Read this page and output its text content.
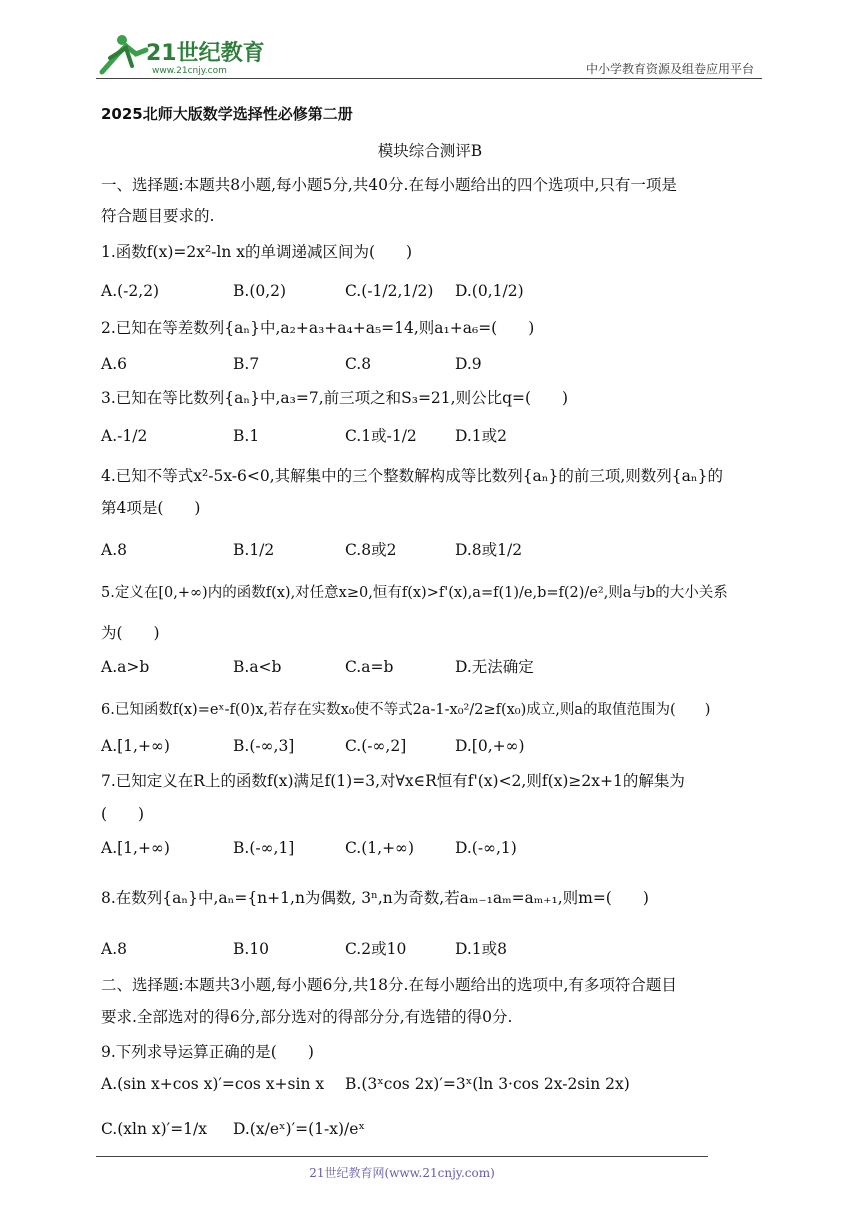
21世纪教育
www.21cnjy.com	中小学教育资源及组卷应用平台
2025北师大版数学选择性必修第二册
模块综合测评B
一、选择题:本题共8小题,每小题5分,共40分.在每小题给出的四个选项中,只有一项是
符合题目要求的.
1.函数f(x)=2x²-ln x的单调递减区间为(　　)
A.(-2,2)	B.(0,2)	C.(-1/2,1/2) D.(0,1/2)
2.已知在等差数列{aₙ}中,a₂+a₃+a₄+a₅=14,则a₁+a₆=(　　)
A.6	B.7	C.8	D.9
3.已知在等比数列{aₙ}中,a₃=7,前三项之和S₃=21,则公比q=(　　)
A.-1/2	B.1	C.1或-1/2 D.1或2
4.已知不等式x²-5x-6<0,其解集中的三个整数解构成等比数列{aₙ}的前三项,则数列{aₙ}的
第4项是(　　)
A.8	B.1/2	C.8或2	D.8或1/2
5.定义在[0,+∞)内的函数f(x),对任意x≥0,恒有f(x)>f'(x),a=f(1)/e,b=f(2)/e²,则a与b的大小关系
为(　　)
A.a>b	B.a<b	C.a=b	D.无法确定
6.已知函数f(x)=eˣ-f(0)x,若存在实数x₀使不等式2a-1-x₀²/2≥f(x₀)成立,则a的取值范围为(　　)
A.[1,+∞)	B.(-∞,3]	C.(-∞,2]	D.[0,+∞)
7.已知定义在R上的函数f(x)满足f(1)=3,对∀x∈R恒有f'(x)<2,则f(x)≥2x+1的解集为
(　　)
A.[1,+∞)	B.(-∞,1]	C.(1,+∞)	D.(-∞,1)
8.在数列{aₙ}中,aₙ={n+1,n为偶数, 3ⁿ,n为奇数,若aₘ₋₁aₘ=aₘ₊₁,则m=(　　)
A.8	B.10	C.2或10	D.1或8
二、选择题:本题共3小题,每小题6分,共18分.在每小题给出的选项中,有多项符合题目
要求.全部选对的得6分,部分选对的得部分分,有选错的得0分.
9.下列求导运算正确的是(　　)
A.(sin x+cos x)′=cos x+sin x B.(3ˣcos 2x)′=3ˣ(ln 3·cos 2x-2sin 2x)
C.(xln x)′=1/x D.(x/eˣ)′=(1-x)/eˣ
21世纪教育网(www.21cnjy.com)
